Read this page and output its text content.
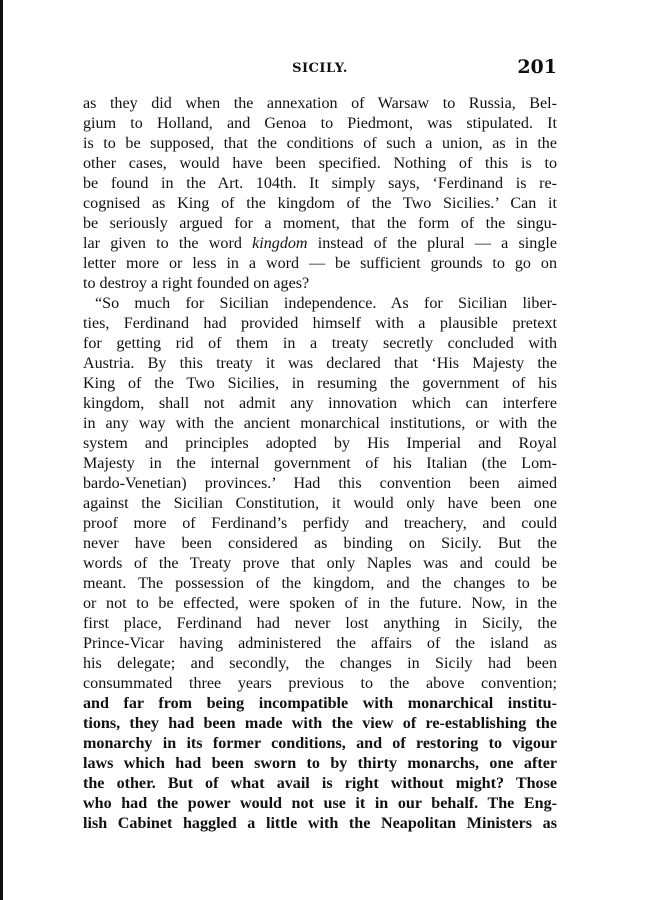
SICILY.	201
as they did when the annexation of Warsaw to Russia, Bel-
gium to Holland, and Genoa to Piedmont, was stipulated. It
is to be supposed, that the conditions of such a union, as in the
other cases, would have been specified. Nothing of this is to
be found in the Art. 104th. It simply says, ‘Ferdinand is re-
cognised as King of the kingdom of the Two Sicilies.’ Can it
be seriously argued for a moment, that the form of the singu-
lar given to the word kingdom instead of the plural — a single
letter more or less in a word — be sufficient grounds to go on
to destroy a right founded on ages?
“So much for Sicilian independence. As for Sicilian liber-
ties, Ferdinand had provided himself with a plausible pretext
for getting rid of them in a treaty secretly concluded with
Austria. By this treaty it was declared that ‘His Majesty the
King of the Two Sicilies, in resuming the government of his
kingdom, shall not admit any innovation which can interfere
in any way with the ancient monarchical institutions, or with the
system and principles adopted by His Imperial and Royal
Majesty in the internal government of his Italian (the Lom-
bardo-Venetian) provinces.’ Had this convention been aimed
against the Sicilian Constitution, it would only have been one
proof more of Ferdinand’s perfidy and treachery, and could
never have been considered as binding on Sicily. But the
words of the Treaty prove that only Naples was and could be
meant. The possession of the kingdom, and the changes to be
or not to be effected, were spoken of in the future. Now, in the
first place, Ferdinand had never lost anything in Sicily, the
Prince-Vicar having administered the affairs of the island as
his delegate; and secondly, the changes in Sicily had been
consummated three years previous to the above convention;
and far from being incompatible with monarchical institu-
tions, they had been made with the view of re-establishing the
monarchy in its former conditions, and of restoring to vigour
laws which had been sworn to by thirty monarchs, one after
the other. But of what avail is right without might? Those
who had the power would not use it in our behalf. The Eng-
lish Cabinet haggled a little with the Neapolitan Ministers as
